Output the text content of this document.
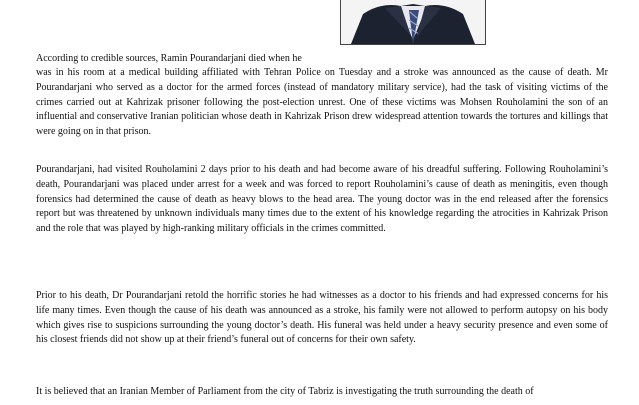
According to credible sources, Ramin Pourandarjani died when he

was in his room at a medical building affiliated with Tehran Police on Tuesday and a stroke was announced as the cause of death. Mr Pourandarjani who served as a doctor for the armed forces (instead of mandatory military service), had the task of visiting victims of the crimes carried out at Kahrizak prisoner following the post-election unrest. One of these victims was Mohsen Rouholamini the son of an influential and conservative Iranian politician whose death in Kahrizak Prison drew widespread attention towards the tortures and killings that were going on in that prison.

Pourandarjani, had visited Rouholamini 2 days prior to his death and had become aware of his dreadful suffering. Following Rouholamini’s death, Pourandarjani was placed under arrest for a week and was forced to report Rouholamini’s cause of death as meningitis, even though forensics had determined the cause of death as heavy blows to the head area. The young doctor was in the end released after the forensics report but was threatened by unknown individuals many times due to the extent of his knowledge regarding the atrocities in Kahrizak Prison and the role that was played by high-ranking military officials in the crimes committed.

Prior to his death, Dr Pourandarjani retold the horrific stories he had witnesses as a doctor to his friends and had expressed concerns for his life many times. Even though the cause of his death was announced as a stroke, his family were not allowed to perform autopsy on his body which gives rise to suspicions surrounding the young doctor’s death. His funeral was held under a heavy security presence and even some of his closest friends did not show up at their friend’s funeral out of concerns for their own safety.

It is believed that an Iranian Member of Parliament from the city of Tabriz is investigating the truth surrounding the death of
